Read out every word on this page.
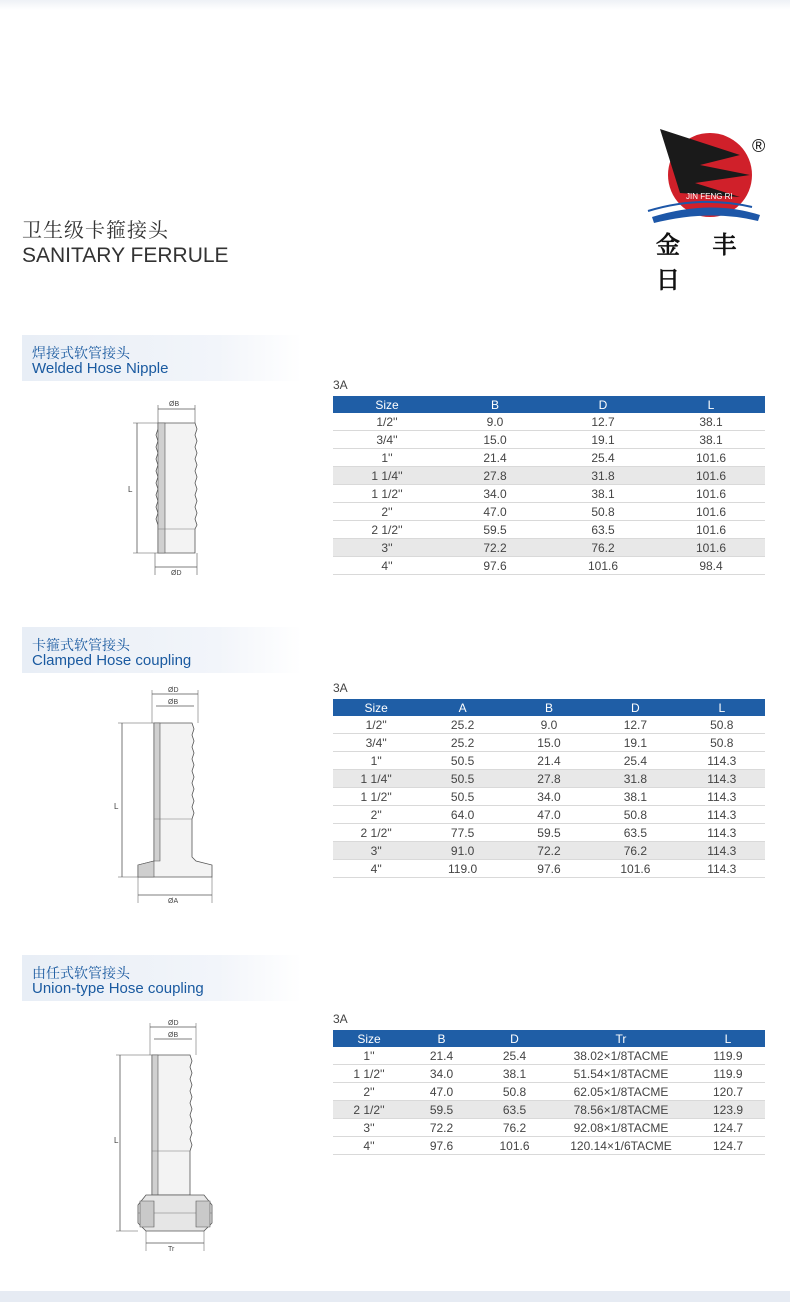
卫生级卡箍接头
SANITARY FERRULE
JIN FENG RI
®
金 丰 日
焊接式软管接头
Welded Hose Nipple
ØB
L
ØD
3A
Size	B	D	L
1/2''	9.0	12.7	38.1
3/4''	15.0	19.1	38.1
1''	21.4	25.4	101.6
1 1/4''	27.8	31.8	101.6
1 1/2''	34.0	38.1	101.6
2''	47.0	50.8	101.6
2 1/2''	59.5	63.5	101.6
3''	72.2	76.2	101.6
4''	97.6	101.6	98.4
卡箍式软管接头
Clamped Hose coupling
ØD
ØB
L
ØA
3A
Size	A	B	D	L
1/2''	25.2	9.0	12.7	50.8
3/4''	25.2	15.0	19.1	50.8
1''	50.5	21.4	25.4	114.3
1 1/4''	50.5	27.8	31.8	114.3
1 1/2''	50.5	34.0	38.1	114.3
2''	64.0	47.0	50.8	114.3
2 1/2''	77.5	59.5	63.5	114.3
3''	91.0	72.2	76.2	114.3
4''	119.0	97.6	101.6	114.3
由任式软管接头
Union-type Hose coupling
ØD
ØB
L
Tr
3A
Size	B	D	Tr	L
1''	21.4	25.4	38.02×1/8TACME	119.9
1 1/2''	34.0	38.1	51.54×1/8TACME	119.9
2''	47.0	50.8	62.05×1/8TACME	120.7
2 1/2''	59.5	63.5	78.56×1/8TACME	123.9
3''	72.2	76.2	92.08×1/8TACME	124.7
4''	97.6	101.6	120.14×1/6TACME	124.7
